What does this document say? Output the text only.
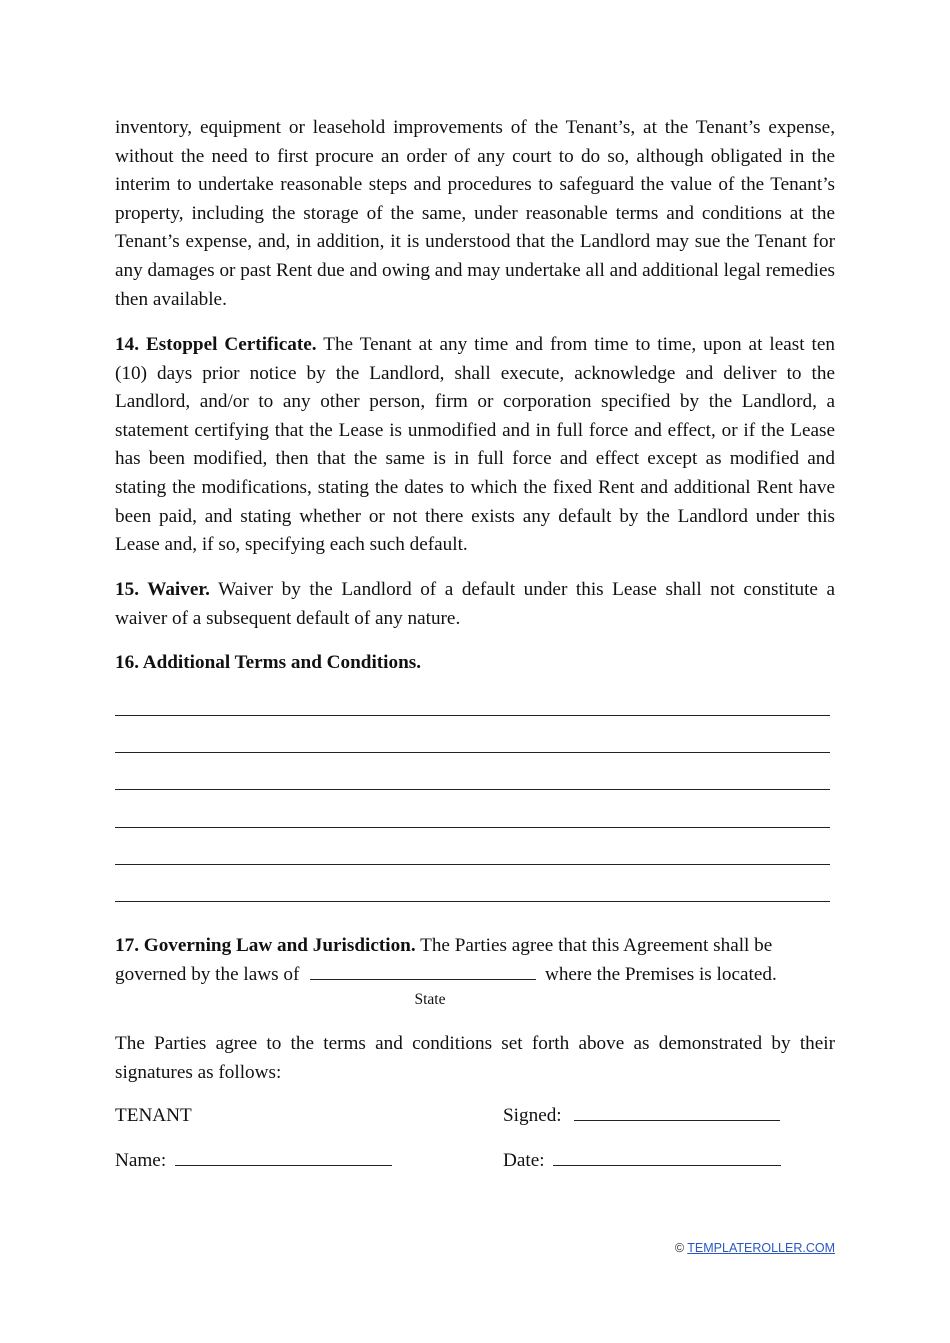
inventory, equipment or leasehold improvements of the Tenant’s, at the Tenant’s expense, without the need to first procure an order of any court to do so, although obligated in the interim to undertake reasonable steps and procedures to safeguard the value of the Tenant’s property, including the storage of the same, under reasonable terms and conditions at the Tenant’s expense, and, in addition, it is understood that the Landlord may sue the Tenant for any damages or past Rent due and owing and may undertake all and additional legal remedies then available.

14. Estoppel Certificate. The Tenant at any time and from time to time, upon at least ten (10) days prior notice by the Landlord, shall execute, acknowledge and deliver to the Landlord, and/or to any other person, firm or corporation specified by the Landlord, a statement certifying that the Lease is unmodified and in full force and effect, or if the Lease has been modified, then that the same is in full force and effect except as modified and stating the modifications, stating the dates to which the fixed Rent and additional Rent have been paid, and stating whether or not there exists any default by the Landlord under this Lease and, if so, specifying each such default.

15. Waiver. Waiver by the Landlord of a default under this Lease shall not constitute a waiver of a subsequent default of any nature.

16. Additional Terms and Conditions.

17. Governing Law and Jurisdiction. The Parties agree that this Agreement shall be

governed by the laws of	where the Premises is located.
State

The Parties agree to the terms and conditions set forth above as demonstrated by their signatures as follows:

TENANT	Signed:
Name:	Date:
© TEMPLATEROLLER.COM
